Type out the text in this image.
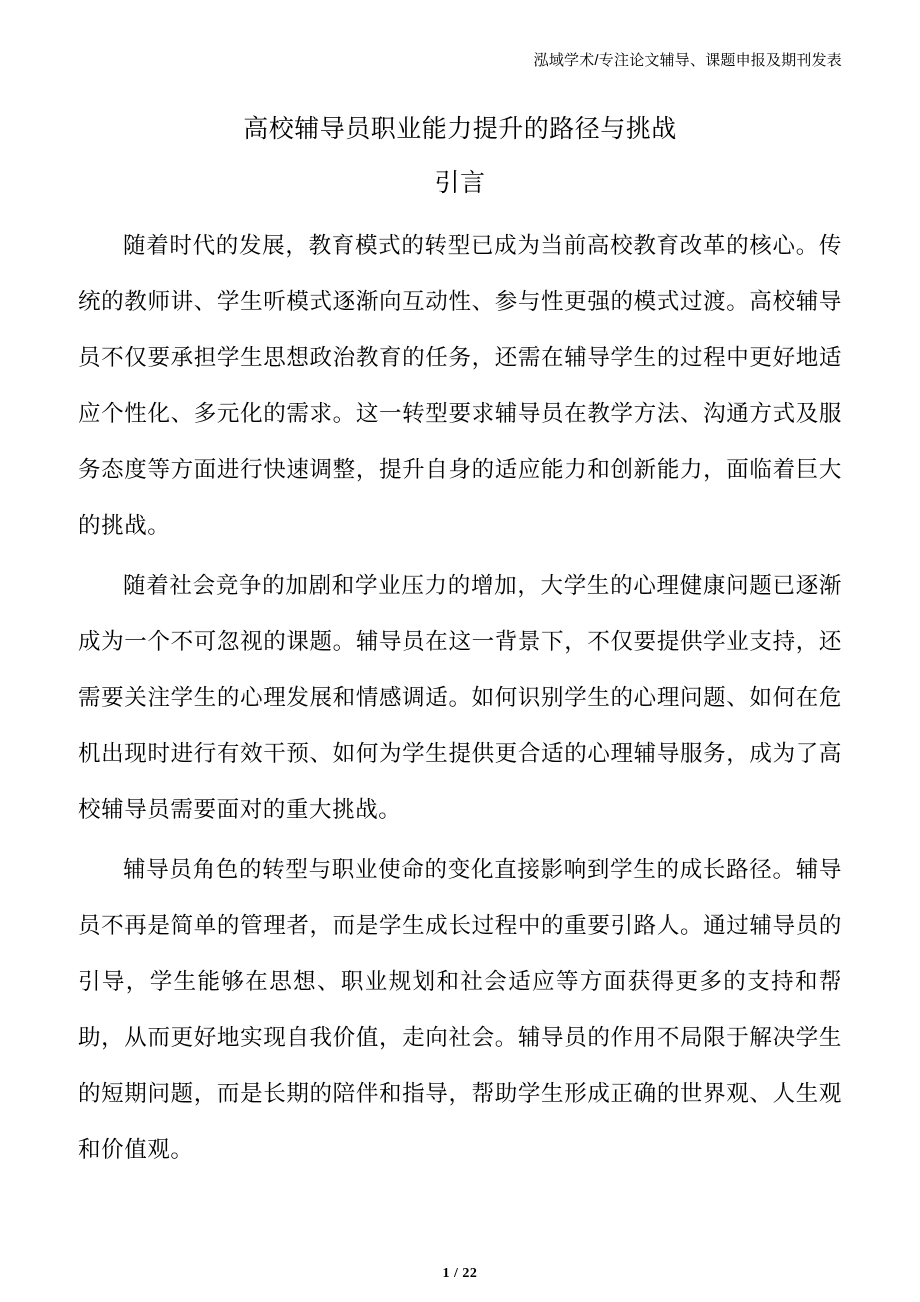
泓域学术/专注论文辅导、课题申报及期刊发表
高校辅导员职业能力提升的路径与挑战
引言

随着时代的发展，教育模式的转型已成为当前高校教育改革的核心。传统的教师讲、学生听模式逐渐向互动性、参与性更强的模式过渡。高校辅导员不仅要承担学生思想政治教育的任务，还需在辅导学生的过程中更好地适应个性化、多元化的需求。这一转型要求辅导员在教学方法、沟通方式及服务态度等方面进行快速调整，提升自身的适应能力和创新能力，面临着巨大的挑战。

随着社会竞争的加剧和学业压力的增加，大学生的心理健康问题已逐渐成为一个不可忽视的课题。辅导员在这一背景下，不仅要提供学业支持，还需要关注学生的心理发展和情感调适。如何识别学生的心理问题、如何在危机出现时进行有效干预、如何为学生提供更合适的心理辅导服务，成为了高校辅导员需要面对的重大挑战。

辅导员角色的转型与职业使命的变化直接影响到学生的成长路径。辅导员不再是简单的管理者，而是学生成长过程中的重要引路人。通过辅导员的引导，学生能够在思想、职业规划和社会适应等方面获得更多的支持和帮助，从而更好地实现自我价值，走向社会。辅导员的作用不局限于解决学生的短期问题，而是长期的陪伴和指导，帮助学生形成正确的世界观、人生观和价值观。

1 / 22
